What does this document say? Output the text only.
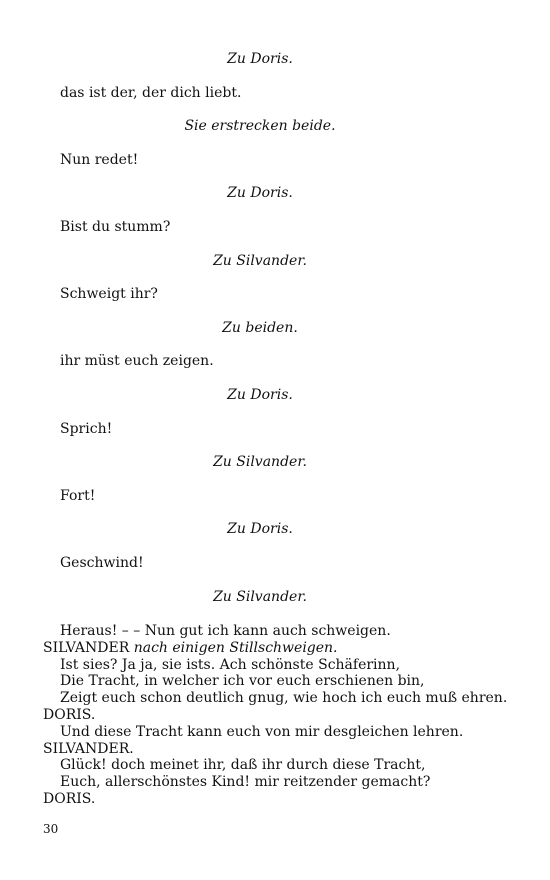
Zu Doris.
das ist der, der dich liebt.
Sie erstrecken beide.
Nun redet!
Zu Doris.
Bist du stumm?
Zu Silvander.
Schweigt ihr?
Zu beiden.
ihr müst euch zeigen.
Zu Doris.
Sprich!
Zu Silvander.
Fort!
Zu Doris.
Geschwind!
Zu Silvander.
Heraus! – – Nun gut ich kann auch schweigen.
SILVANDER nach einigen Stillschweigen.
Ist sies? Ja ja, sie ists. Ach schönste Schäferinn,
Die Tracht, in welcher ich vor euch erschienen bin,
Zeigt euch schon deutlich gnug, wie hoch ich euch muß ehren.
DORIS.
Und diese Tracht kann euch von mir desgleichen lehren.
SILVANDER.
Glück! doch meinet ihr, daß ihr durch diese Tracht,
Euch, allerschönstes Kind! mir reitzender gemacht?
DORIS.
30
